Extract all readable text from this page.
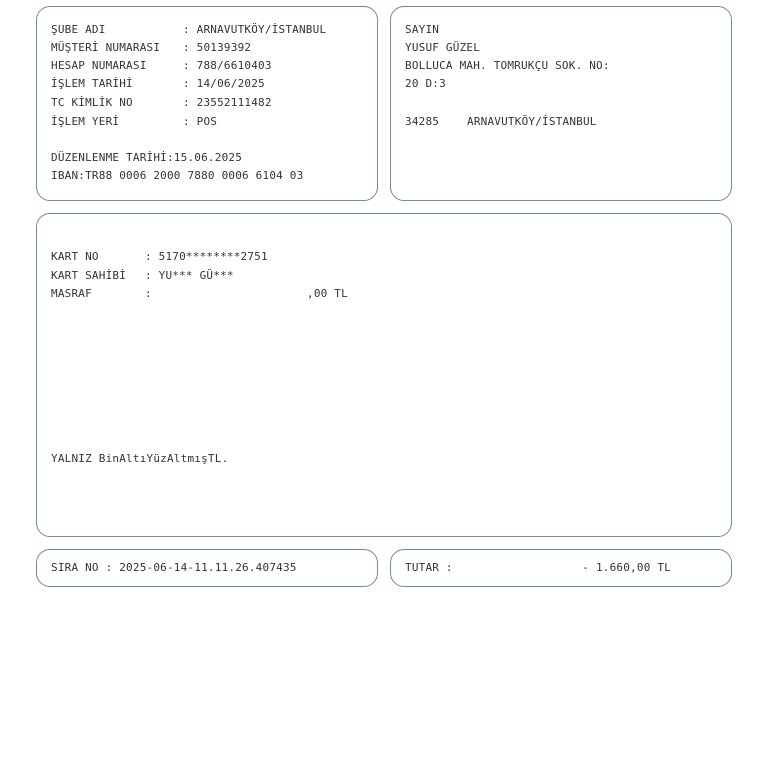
ŞUBE ADI	: ARNAVUTKÖY/İSTANBUL
MÜŞTERİ NUMARASI : 50139392
HESAP NUMARASI	: 788/6610403
İŞLEM TARİHİ	: 14/06/2025
TC KİMLİK NO	: 23552111482
İŞLEM YERİ	: POS
DÜZENLENME TARİHİ:15.06.2025
IBAN:TR88 0006 2000 7880 0006 6104 03
SAYIN
YUSUF GÜZEL
BOLLUCA MAH. TOMRUKÇU SOK. NO:
20 D:3
34285	ARNAVUTKÖY/İSTANBUL
KART NO	: 5170********2751
KART SAHİBİ : YU*** GÜ***
MASRAF	:	,00 TL
YALNIZ BinAltıYüzAltmışTL.
SIRA NO : 2025-06-14-11.11.26.407435	TUTAR :	- 1.660,00 TL
